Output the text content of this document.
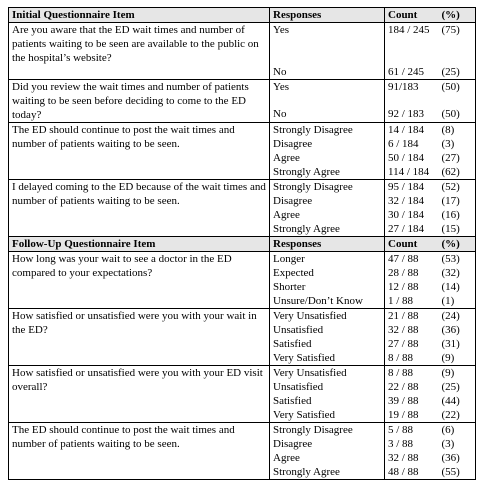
Initial Questionnaire Item	Responses	Count	(%)
Are you aware that the ED wait times and number of patients waiting to be seen are available to the public on the hospital’s website?	Yes	184 / 245	(75)
	No	61 / 245	(25)
Did you review the wait times and number of patients waiting to be seen before deciding to come to the ED today?	Yes	91/183	(50)
	No	92 / 183	(50)
The ED should continue to post the wait times and number of patients waiting to be seen.	Strongly Disagree	14 / 184	(8)
	Disagree	6 / 184	(3)
	Agree	50 / 184	(27)
	Strongly Agree	114 / 184	(62)
I delayed coming to the ED because of the wait times and number of patients waiting to be seen.	Strongly Disagree	95 / 184	(52)
	Disagree	32 / 184	(17)
	Agree	30 / 184	(16)
	Strongly Agree	27 / 184	(15)
Follow-Up Questionnaire Item	Responses	Count	(%)
How long was your wait to see a doctor in the ED compared to your expectations?	Longer	47 / 88	(53)
	Expected	28 / 88	(32)
	Shorter	12 / 88	(14)
	Unsure/Don’t Know	1 / 88	(1)
How satisfied or unsatisfied were you with your wait in the ED?	Very Unsatisfied	21 / 88	(24)
	Unsatisfied	32 / 88	(36)
	Satisfied	27 / 88	(31)
	Very Satisfied	8 / 88	(9)
How satisfied or unsatisfied were you with your ED visit overall?	Very Unsatisfied	8 / 88	(9)
	Unsatisfied	22 / 88	(25)
	Satisfied	39 / 88	(44)
	Very Satisfied	19 / 88	(22)
The ED should continue to post the wait times and number of patients waiting to be seen.	Strongly Disagree	5 / 88	(6)
	Disagree	3 / 88	(3)
	Agree	32 / 88	(36)
	Strongly Agree	48 / 88	(55)
